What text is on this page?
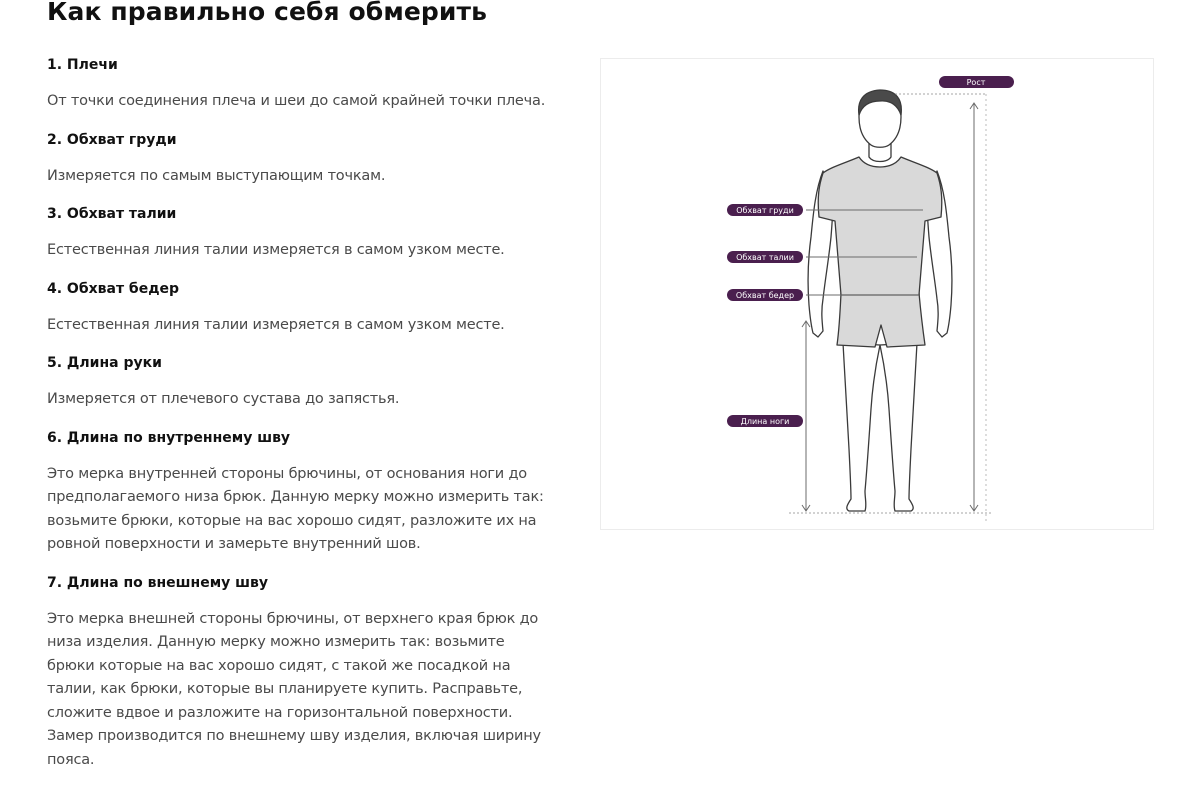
Как правильно себя обмерить
1. Плечи

От точки соединения плеча и шеи до самой крайней точки плеча.

2. Обхват груди

Измеряется по самым выступающим точкам.

3. Обхват талии

Естественная линия талии измеряется в самом узком месте.

4. Обхват бедер

Естественная линия талии измеряется в самом узком месте.

5. Длина руки

Измеряется от плечевого сустава до запястья.

6. Длина по внутреннему шву

Это мерка внутренней стороны брючины, от основания ноги до предполагаемого низа брюк. Данную мерку можно измерить так: возьмите брюки, которые на вас хорошо сидят, разложите их на ровной поверхности и замерьте внутренний шов.

7. Длина по внешнему шву

Это мерка внешней стороны брючины, от верхнего края брюк до низа изделия. Данную мерку можно измерить так: возьмите брюки которые на вас хорошо сидят, с такой же посадкой на талии, как брюки, которые вы планируете купить. Расправьте, сложите вдвое и разложите на горизонтальной поверхности. Замер производится по внешнему шву изделия, включая ширину пояса.

Рост
Обхват груди
Обхват талии
Обхват бедер
Длина ноги
